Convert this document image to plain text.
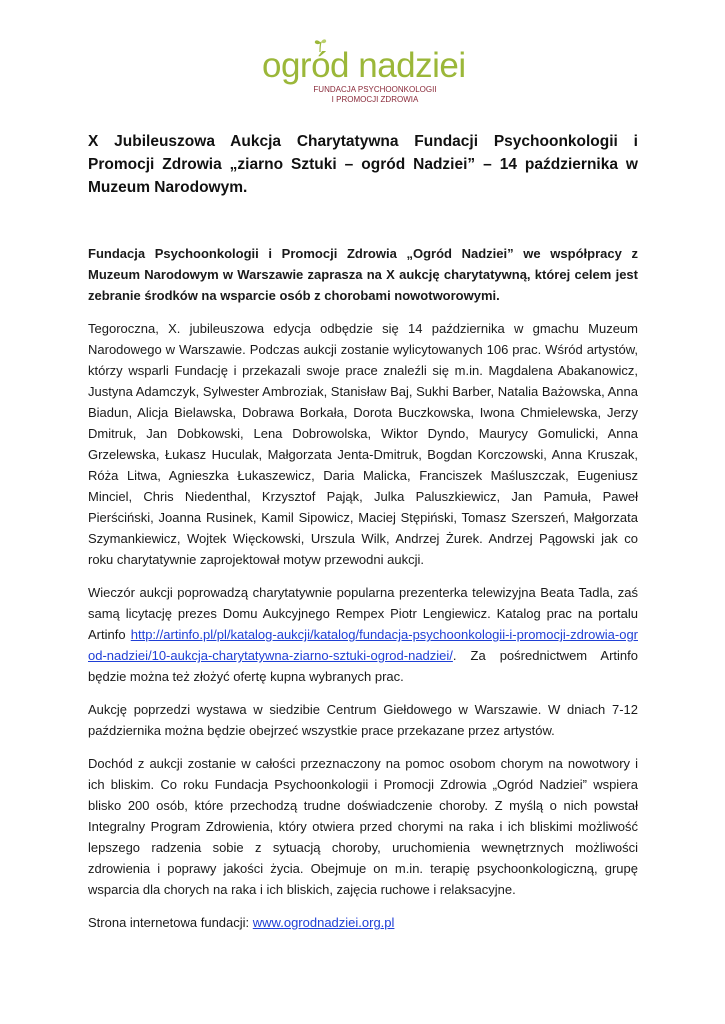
ogród nadziei
FUNDACJA PSYCHOONKOLOGII
I PROMOCJI ZDROWIA
X Jubileuszowa Aukcja Charytatywna Fundacji Psychoonkologii i Promocji Zdrowia „ziarno Sztuki – ogród Nadziei” – 14 października w Muzeum Narodowym.

Fundacja Psychoonkologii i Promocji Zdrowia „Ogród Nadziei” we współpracy z Muzeum Narodowym w Warszawie zaprasza na X aukcję charytatywną, której celem jest zebranie środków na wsparcie osób z chorobami nowotworowymi.

Tegoroczna, X. jubileuszowa edycja odbędzie się 14 października w gmachu Muzeum Narodowego w Warszawie. Podczas aukcji zostanie wylicytowanych 106 prac. Wśród artystów, którzy wsparli Fundację i przekazali swoje prace znaleźli się m.in. Magdalena Abakanowicz, Justyna Adamczyk, Sylwester Ambroziak, Stanisław Baj, Sukhi Barber, Natalia Bażowska, Anna Biadun, Alicja Bielawska, Dobrawa Borkała, Dorota Buczkowska, Iwona Chmielewska, Jerzy Dmitruk, Jan Dobkowski, Lena Dobrowolska, Wiktor Dyndo, Maurycy Gomulicki, Anna Grzelewska, Łukasz Huculak, Małgorzata Jenta-Dmitruk, Bogdan Korczowski, Anna Kruszak, Róża Litwa, Agnieszka Łukaszewicz, Daria Malicka, Franciszek Maśluszczak, Eugeniusz Minciel, Chris Niedenthal, Krzysztof Pająk, Julka Paluszkiewicz, Jan Pamuła, Paweł Pierściński, Joanna Rusinek, Kamil Sipowicz, Maciej Stępiński, Tomasz Szerszeń, Małgorzata Szymankiewicz, Wojtek Więckowski, Urszula Wilk, Andrzej Żurek. Andrzej Pągowski jak co roku charytatywnie zaprojektował motyw przewodni aukcji.

Wieczór aukcji poprowadzą charytatywnie popularna prezenterka telewizyjna Beata Tadla, zaś samą licytację prezes Domu Aukcyjnego Rempex Piotr Lengiewicz. Katalog prac na portalu Artinfo http://artinfo.pl/pl/katalog-aukcji/katalog/fundacja-psychoonkologii-i-promocji-zdrowia-ogrod-nadziei/10-aukcja-charytatywna-ziarno-sztuki-ogrod-nadziei/. Za pośrednictwem Artinfo będzie można też złożyć ofertę kupna wybranych prac.

Aukcję poprzedzi wystawa w siedzibie Centrum Giełdowego w Warszawie. W dniach 7-12 października można będzie obejrzeć wszystkie prace przekazane przez artystów.

Dochód z aukcji zostanie w całości przeznaczony na pomoc osobom chorym na nowotwory i ich bliskim. Co roku Fundacja Psychoonkologii i Promocji Zdrowia „Ogród Nadziei” wspiera blisko 200 osób, które przechodzą trudne doświadczenie choroby. Z myślą o nich powstał Integralny Program Zdrowienia, który otwiera przed chorymi na raka i ich bliskimi możliwość lepszego radzenia sobie z sytuacją choroby, uruchomienia wewnętrznych możliwości zdrowienia i poprawy jakości życia. Obejmuje on m.in. terapię psychoonkologiczną, grupę wsparcia dla chorych na raka i ich bliskich, zajęcia ruchowe i relaksacyjne.

Strona internetowa fundacji: www.ogrodnadziei.org.pl
